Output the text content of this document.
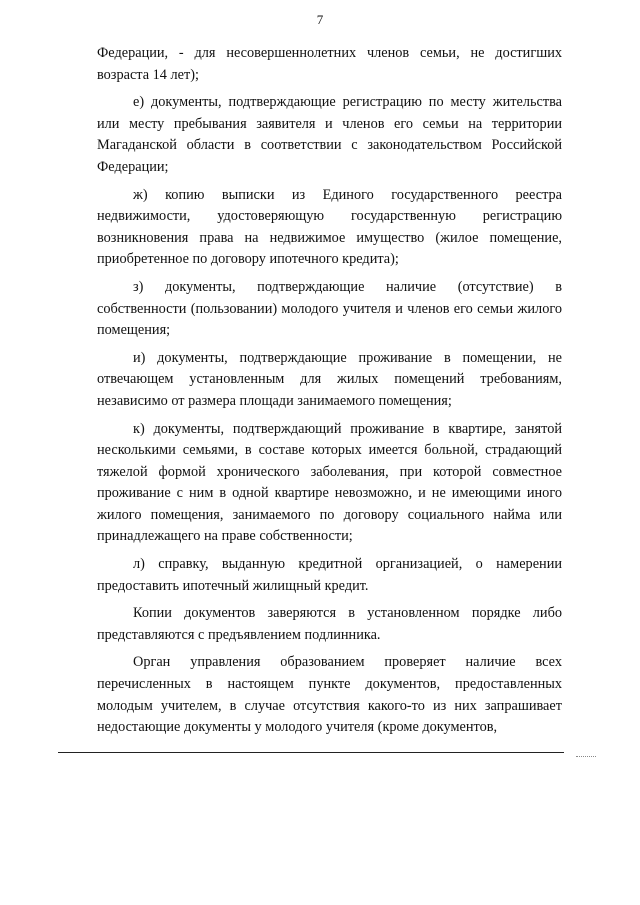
7

Федерации, - для несовершеннолетних членов семьи, не достигших возраста 14 лет);

е) документы, подтверждающие регистрацию по месту жительства или месту пребывания заявителя и членов его семьи на территории Магаданской области в соответствии с законодательством Российской Федерации;

ж) копию выписки из Единого государственного реестра недвижимости, удостоверяющую государственную регистрацию возникновения права на недвижимое имущество (жилое помещение, приобретенное по договору ипотечного кредита);

з) документы, подтверждающие наличие (отсутствие) в собственности (пользовании) молодого учителя и членов его семьи жилого помещения;

и) документы, подтверждающие проживание в помещении, не отвечающем установленным для жилых помещений требованиям, независимо от размера площади занимаемого помещения;

к) документы, подтверждающий проживание в квартире, занятой несколькими семьями, в составе которых имеется больной, страдающий тяжелой формой хронического заболевания, при которой совместное проживание с ним в одной квартире невозможно, и не имеющими иного жилого помещения, занимаемого по договору социального найма или принадлежащего на праве собственности;

л) справку, выданную кредитной организацией, о намерении предоставить ипотечный жилищный кредит.

Копии документов заверяются в установленном порядке либо представляются с предъявлением подлинника.

Орган управления образованием проверяет наличие всех перечисленных в настоящем пункте документов, предоставленных молодым учителем, в случае отсутствия какого-то из них запрашивает недостающие документы у молодого учителя (кроме документов,
